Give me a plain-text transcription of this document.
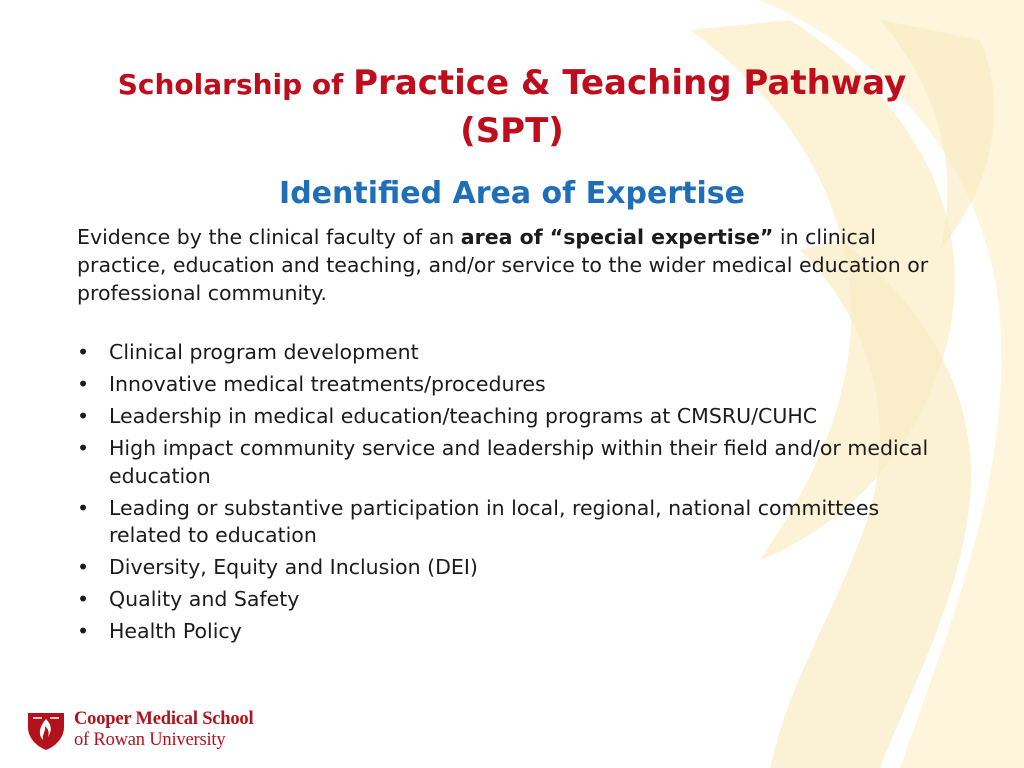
Scholarship of Practice & Teaching Pathway
(SPT)
Identified Area of Expertise
Evidence by the clinical faculty of an area of “special expertise” in clinical practice, education and teaching, and/or service to the wider medical education or professional community.
• Clinical program development
• Innovative medical treatments/procedures
• Leadership in medical education/teaching programs at CMSRU/CUHC
• High impact community service and leadership within their field and/or medical education
• Leading or substantive participation in local, regional, national committees related to education
• Diversity, Equity and Inclusion (DEI)
• Quality and Safety
• Health Policy
Cooper Medical School
of Rowan University
